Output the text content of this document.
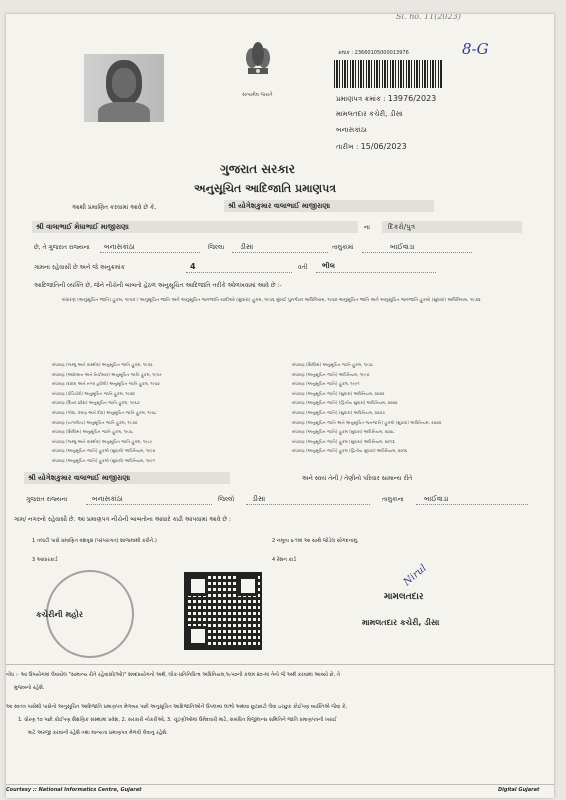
Sl. no. 11(2023)
8-G
સત્યમેવ જયતે
ક્રમાંક : 23660105000013976
પ્રમાણપત્ર ક્રમાંક : 13976/2023
મામલતદાર કચેરી, ડીસા
બનાસકાંઠા
તારીખ : 15/06/2023
ગુજરાત સરકાર
અનુસૂચિત આદિજાતિ પ્રમાણપત્ર
આથી પ્રમાણિત કરવામાં આવે છે કે,	શ્રી યોગેશકુમાર વાલાભાઈ માજીરાણા
શ્રી વાલાભાઈ મેઘાભાઈ માજીરાણા	ના	દિકરો/પુત્ર
છે, તે ગુજરાત રાજ્યના બનાસકાંઠા	જિલ્લા ડીસા	તાલુકામાં	બાઈવાડા
ગામના રહેવાસી છે અને જે અનુક્રમાંક	4	વતી ભીલ
આદિજાતિની વ્યક્તિ છે, જેને નીચેની બાબતો હેઠળ અનુસૂચિત આદિજાતિ તરીકે ઓળખવામાં આવે છે :-
બંધારણ (અનુસૂચિત જાતિ) હુકમ, ૧૯૫૦ / અનુસૂચિત જાતિ અને અનુસૂચિત જનજાતિ યાદીઓ (સુધારા) હુકમ, ૧૯૫૬ મુંબઈ પુનર્ગઠન અધિનિયમ, ૧૯૬૦ અનુસૂચિત જાતિ અને અનુસૂચિત જનજાતિ હુકમો (સુધારા) અધિનિયમ, ૧૯૭૬
બંધારણ (જમ્મુ અને કાશ્મીર) અનુસૂચિત જાતિ હુકમ, ૧૯૫૬
બંધારણ (આંદામાન અને નિકોબાર) અનુસૂચિત જાતિ હુકમ, ૧૯૫૯
બંધારણ (દાદરા અને નગર હવેલી) અનુસૂચિત જાતિ હુકમ, ૧૯૬૨
બંધારણ (પોંડિચેરી) અનુસૂચિત જાતિ હુકમ, ૧૯૬૪
બંધારણ (ઉત્તર પ્રદેશ) અનુસૂચિત જાતિ હુકમ, ૧૯૬૭
બંધારણ (ગોવા, દમણ અને દીવ) અનુસૂચિત જાતિ હુકમ, ૧૯૬૮
બંધારણ (નાગાલેન્ડ) અનુસૂચિત જાતિ હુકમ, ૧૯૭૦
બંધારણ (સિક્કિમ) અનુસૂચિત જાતિ હુકમ, ૧૯૭૮
બંધારણ (જમ્મુ અને કાશ્મીર) અનુસૂચિત જાતિ હુકમ, ૧૯૮૯
બંધારણ (અનુસૂચિત જાતિ) હુકમો (સુધારો) અધિનિયમ, ૧૯૯૦
બંધારણ (અનુસૂચિત જાતિ) હુકમો (સુધારો) અધિનિયમ, ૧૯૯૧
બંધારણ (સિક્કિમ) અનુસૂચિત જાતિ હુકમ, ૧૯૭૮
બંધારણ (અનુસૂચિત જાતિ) અધિનિયમ, ૧૯૯૦
બંધારણ (અનુસૂચિત જાતિ) હુકમ, ૧૯૯૧
બંધારણ (અનુસૂચિત જાતિ) (સુધારા) અધિનિયમ, ૨૦૦૨
બંધારણ (અનુસૂચિત જાતિ) (દ્વિતીય સુધારા) અધિનિયમ, ૨૦૦૨
બંધારણ (અનુસૂચિત જાતિ) (સુધારા) અધિનિયમ, ૨૦૦૭
બંધારણ (અનુસૂચિત જાતિ અને અનુસૂચિત જનજાતિ) હુકમો (સુધારા) અધિનિયમ, ૨૦૦૨
બંધારણ (અનુસૂચિત જાતિ) હુકમ (સુધારા) અધિનિયમ, ૨૦૦૮
બંધારણ (અનુસૂચિત જાતિ) હુકમ (સુધારા) અધિનિયમ, ૨૦૧૩
બંધારણ (અનુસૂચિત જાતિ) હુકમ (દ્વિતીય સુધારા) અધિનિયમ, ૨૦૧૬
શ્રી યોગેશકુમાર વાલાભાઈ માજીરાણા	અને સ્વયં તેની / તેણીનો પરિવાર સામાન્ય રીતે
ગુજરાત રાજ્યના	બનાસકાંઠા	જિલ્લો	ડીસા	તાલુકાના	બાઈવાડા
ગામ/ નગરનો રહેવાસી છે. આ પ્રમાણપત્ર નીચેની બાબતોના આધારે કાઢી આપવામાં આવે છે :
1 તલાટી પાસે પ્રમાણિત વંશવૃક્ષ (પરંપરાગત) શાળામાંથી કરીને.)	2 નમૂના ૬-૧માં આ સાથે જોડેલ સોગંદનામું.
3 આધારકાર્ડ	4 રેશન કાર્ડ
કચેરીની મહોર
Nirul
મામલતદાર
મામલતદાર કચેરી, ડીસા
નોંધ :- આ ઉપયોગમાં લેવાયેલ "સામાન્ય રીતે રહેવાસી(ઓ)" શબ્દપ્રયોગનો અર્થ, લોક-પ્રતિનિધિત્વ અધિનિયમ,૧૯૫૦ની કલમ ૨૦-માં તેનો જે અર્થ કરવામાં આવ્યો છે, તે
મુજબનો રહેશે.
આ સ્વતંત્ર પાસેથી પાસેનો અનુસૂચિત આદિજાતિ પ્રમાણપત્ર મેળવ્યા પછી અનુસૂચિત આદિજાતિઓને ઉપલબ્ધ લાભો અથવા છૂટછાટો લેવા ઇચ્છુક કોઈપણ વ્યક્તિએ જેવા કે,
1. ધોરણ ૧૦ પછી કોઈપણ શૈક્ષણિક સંસ્થામાં પ્રવેશ, 2. સરકારી નોકરીઓ, 3. ચૂંટણીઓમાં ઉમેદવારી માટે, સંબંધિત વિજીલન્સ સમિતિને જાતિ પ્રમાણપત્રની ખરાઈ
માટે અરજી કરવાની રહેશે તથા માન્યતા પ્રમાણપત્ર મેળવી લેવાનું રહેશે.
Courtesy :: National Informatics Centre, Gujarat	Digital Gujarat
